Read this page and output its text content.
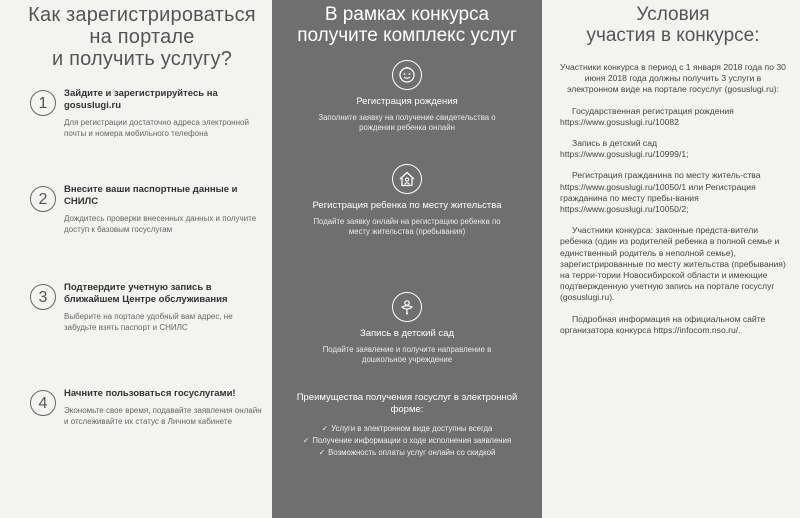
Как зарегистрироваться
на портале
и получить услугу?
1
Зайдите и зарегистрируйтесь на gosuslugi.ru
Для регистрации достаточно адреса электронной почты и номера мобильного телефона
2
Внесите ваши паспортные данные и СНИЛС
Дождитесь проверки внесенных данных и получите доступ к базовым госуслугам
3
Подтвердите учетную запись в ближайшем Центре обслуживания
Выберите на портале удобный вам адрес, не забудьте взять паспорт и СНИЛС
4
Начните пользоваться госуслугами!
Экономьте свое время, подавайте заявления онлайн и отслеживайте их статус в Личном кабинете
В рамках конкурса
получите комплекс услуг
Регистрация рождения
Заполните заявку на получение свидетельства о рождении ребенка онлайн
Регистрация ребенка по месту жительства
Подайте заявку онлайн на регистрацию ребенка по месту жительства (пребывания)
Запись в детский сад
Подайте заявление и получите направление в дошкольное учреждение
Преимущества получения госуслуг в электронной форме:
✓ Услуги в электронном виде доступны всегда
✓ Получение информации о ходе исполнения заявления
✓ Возможность оплаты услуг онлайн со скидкой
Условия
участия в конкурсе:

Участники конкурса в период с 1 января 2018 года по 30 июня 2018 года должны получить 3 услуги в электронном виде на портале госуслуг (gosuslugi.ru):

Государственная регистрация рождения https://www.gosuslugi.ru/10082

Запись в детский сад https://www.gosuslugi.ru/10999/1;

Регистрация гражданина по месту житель-ства https://www.gosuslugi.ru/10050/1 или Регистрация гражданина по месту пребы-вания https://www.gosuslugi.ru/10050/2;

Участники конкурса: законные предста-вители ребенка (один из родителей ребенка в полной семье и единственный родитель в неполной семье), зарегистрированные по месту жительства (пребывания) на терри-тории Новосибирской области и имеющие подтвержденную учетную запись на портале госуслуг (gosuslugi.ru).

Подробная информация на официальном сайте организатора конкурса https://infocom.nso.ru/.
